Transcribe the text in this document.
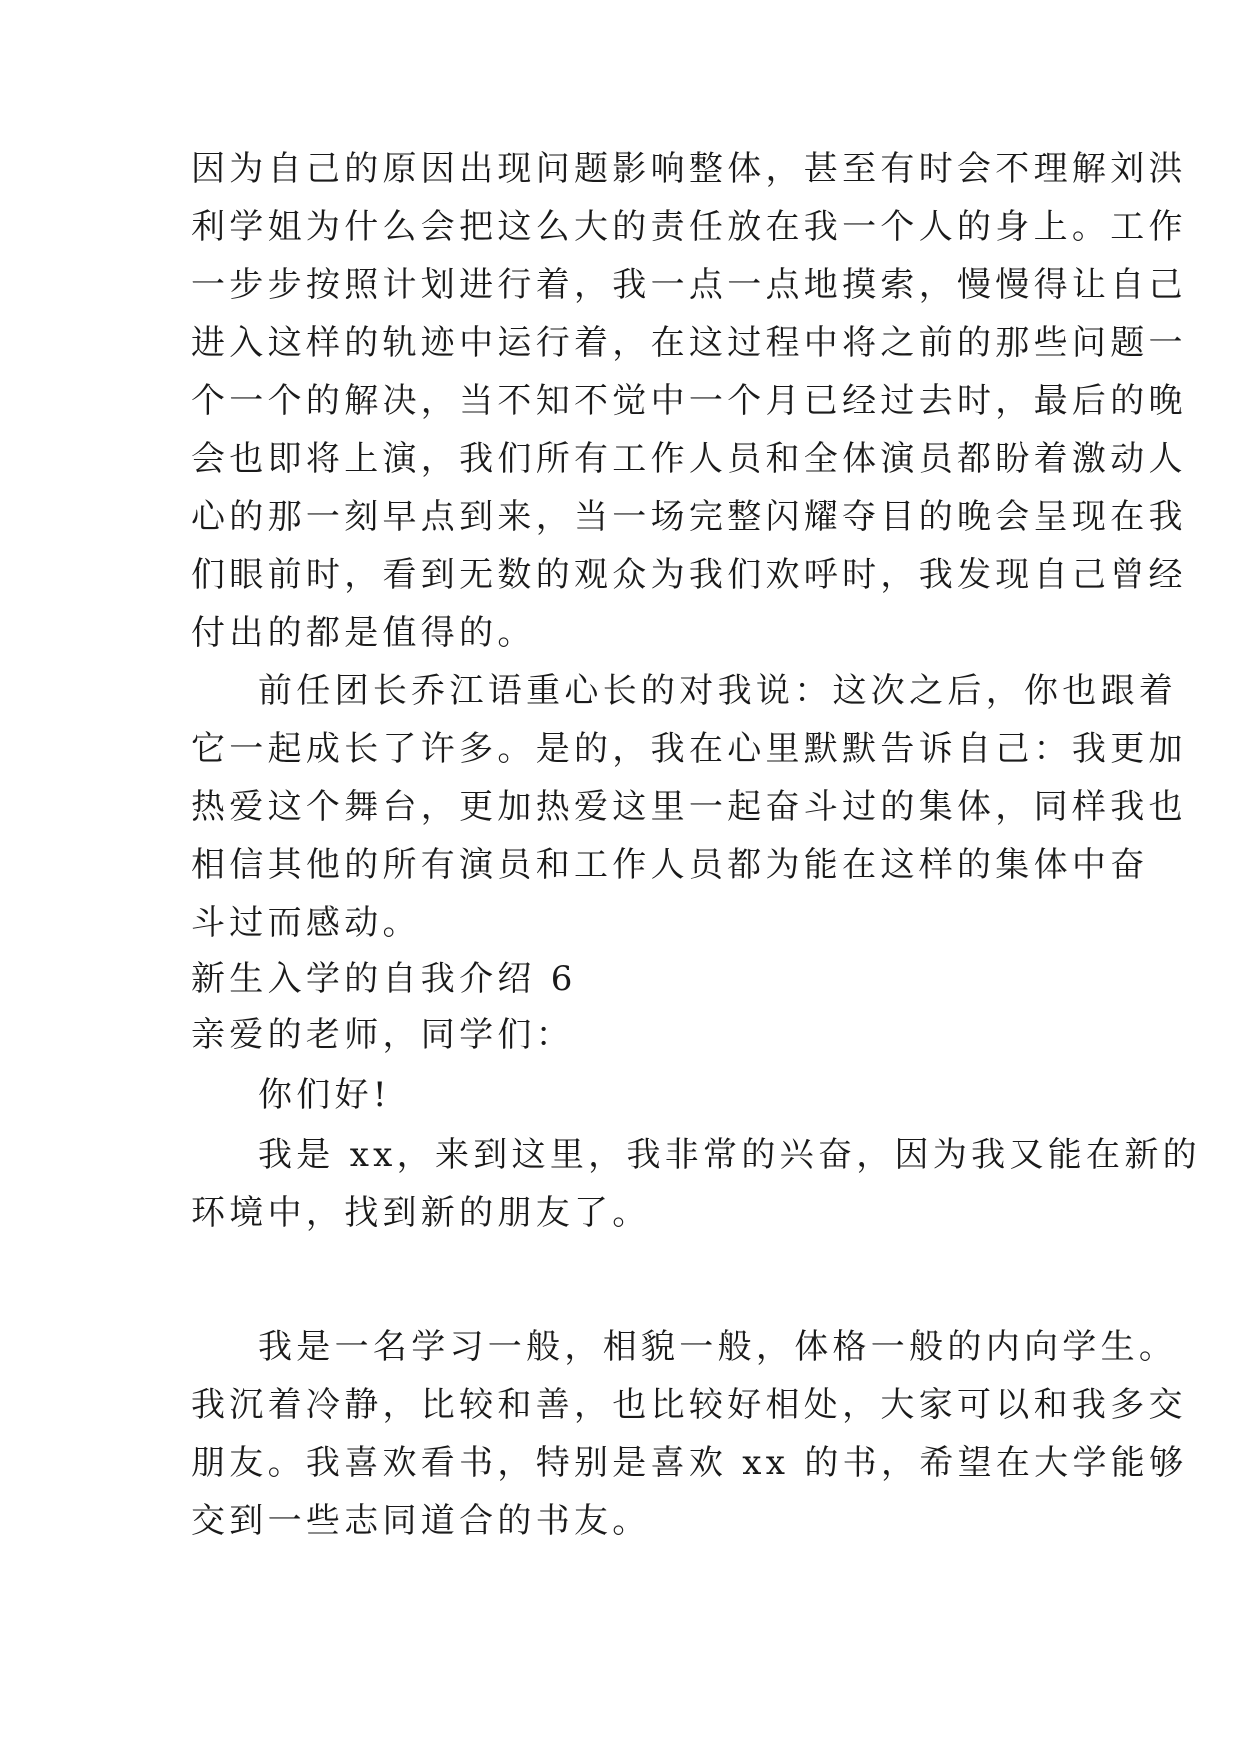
因为自己的原因出现问题影响整体，甚至有时会不理解刘洪
利学姐为什么会把这么大的责任放在我一个人的身上。工作
一步步按照计划进行着，我一点一点地摸索，慢慢得让自己
进入这样的轨迹中运行着，在这过程中将之前的那些问题一
个一个的解决，当不知不觉中一个月已经过去时，最后的晚
会也即将上演，我们所有工作人员和全体演员都盼着激动人
心的那一刻早点到来，当一场完整闪耀夺目的晚会呈现在我
们眼前时，看到无数的观众为我们欢呼时，我发现自己曾经
付出的都是值得的。
前任团长乔江语重心长的对我说：这次之后，你也跟着
它一起成长了许多。是的，我在心里默默告诉自己：我更加
热爱这个舞台，更加热爱这里一起奋斗过的集体，同样我也
相信其他的所有演员和工作人员都为能在这样的集体中奋
斗过而感动。
新生入学的自我介绍 6
亲爱的老师，同学们：
你们好!
我是 xx，来到这里，我非常的兴奋，因为我又能在新的
环境中，找到新的朋友了。
我是一名学习一般，相貌一般，体格一般的内向学生。
我沉着冷静，比较和善，也比较好相处，大家可以和我多交
朋友。我喜欢看书，特别是喜欢 xx 的书，希望在大学能够
交到一些志同道合的书友。
